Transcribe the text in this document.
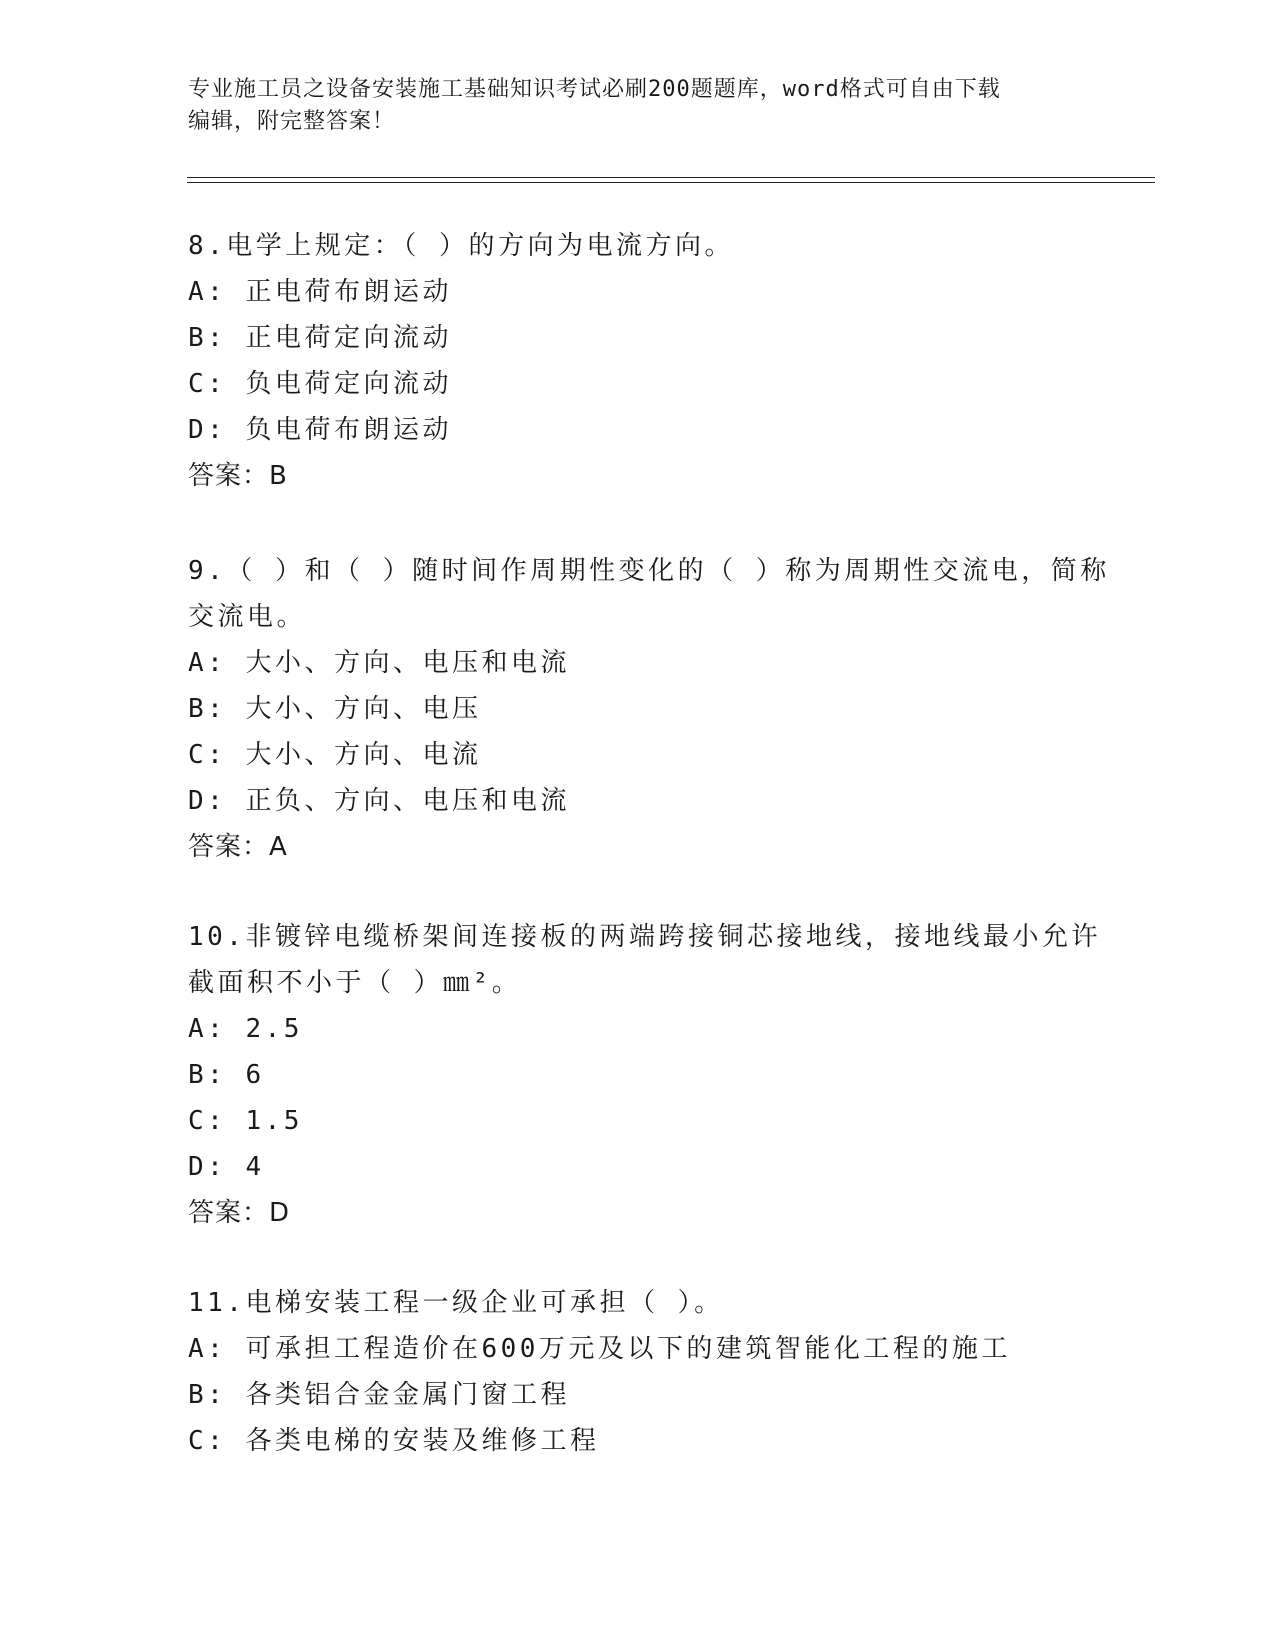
专业施工员之设备安装施工基础知识考试必刷200题题库，word格式可自由下载
编辑，附完整答案！
8.电学上规定：（ ）的方向为电流方向。
A: 正电荷布朗运动
B: 正电荷定向流动
C: 负电荷定向流动
D: 负电荷布朗运动
答案：B
9.（ ）和（ ）随时间作周期性变化的（ ）称为周期性交流电，简称
交流电。
A: 大小、方向、电压和电流
B: 大小、方向、电压
C: 大小、方向、电流
D: 正负、方向、电压和电流
答案：A
10.非镀锌电缆桥架间连接板的两端跨接铜芯接地线，接地线最小允许
截面积不小于（ ）㎜²。
A: 2.5
B: 6
C: 1.5
D: 4
答案：D
11.电梯安装工程一级企业可承担（ ）。
A: 可承担工程造价在600万元及以下的建筑智能化工程的施工
B: 各类铝合金金属门窗工程
C: 各类电梯的安装及维修工程
